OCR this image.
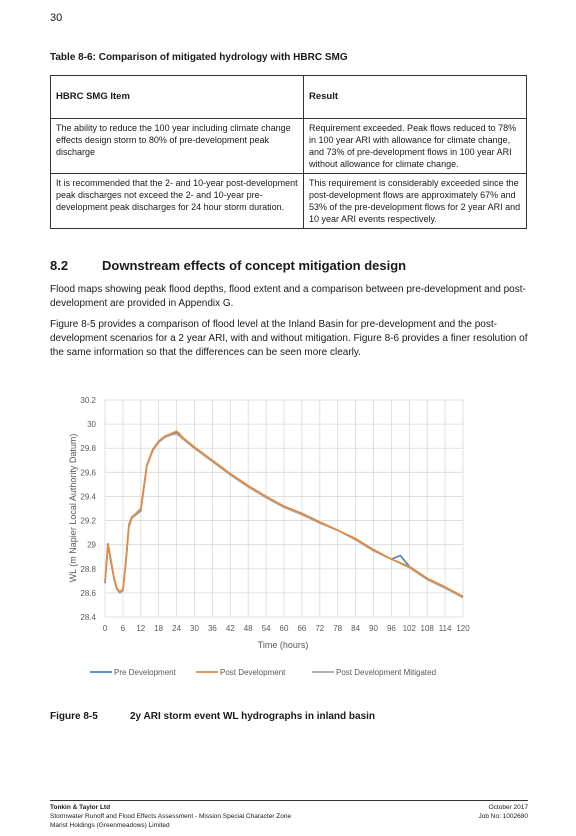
30
Table 8-6: Comparison of mitigated hydrology with HBRC SMG
HBRC SMG Item	Result
The ability to reduce the 100 year including climate change effects design storm to 80% of pre-development peak discharge	Requirement exceeded. Peak flows reduced to 78% in 100 year ARI with allowance for climate change, and 73% of pre-development flows in 100 year ARI without allowance for climate change.
It is recommended that the 2- and 10-year post-development peak discharges not exceed the 2- and 10-year pre- development peak discharges for 24 hour storm duration.	This requirement is considerably exceeded since the post-development flows are approximately 67% and 53% of the pre-development flows for 2 year ARI and 10 year ARI events respectively.
8.2	Downstream effects of concept mitigation design

Flood maps showing peak flood depths, flood extent and a comparison between pre-development and post-development are provided in Appendix G.

Figure 8-5 provides a comparison of flood level at the Inland Basin for pre-development and the post-development scenarios for a 2 year ARI, with and without mitigation. Figure 8-6 provides a finer resolution of the same information so that the differences can be seen more clearly.

28.4
28.6
28.8
29
29.2
29.4
29.6
29.8
30
30.2
0 6 12 18 24 30 36 42 48 54 60 66 72 78 84 90 96 102 108 114 120
WL (m Napier Local Authority Datum)
Time (hours)
Pre Development	Post Development	Post Development Mitigated
Figure 8-5	2y ARI storm event WL hydrographs in inland basin
Tonkin & Taylor Ltd
Stormwater Runoff and Flood Effects Assessment - Mission Special Character Zone
Marist Holdings (Greenmeadows) Limited
October 2017
Job No: 1002680
